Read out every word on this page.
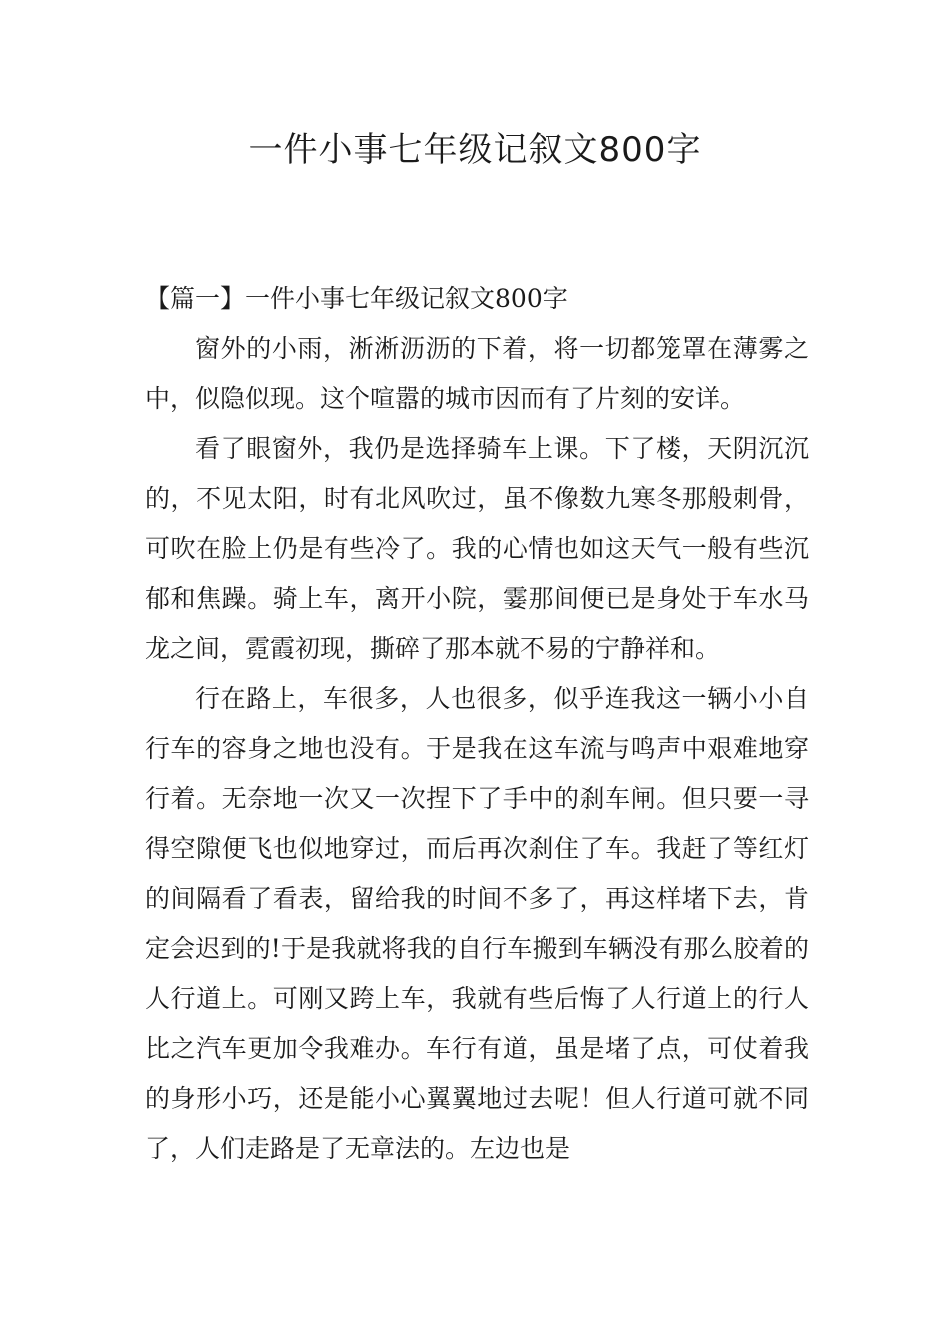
一件小事七年级记叙文800字

【篇一】一件小事七年级记叙文800字

窗外的小雨，淅淅沥沥的下着，将一切都笼罩在薄雾之中，似隐似现。这个喧嚣的城市因而有了片刻的安详。

看了眼窗外，我仍是选择骑车上课。下了楼，天阴沉沉的，不见太阳，时有北风吹过，虽不像数九寒冬那般刺骨，可吹在脸上仍是有些冷了。我的心情也如这天气一般有些沉郁和焦躁。骑上车，离开小院，霎那间便已是身处于车水马龙之间，霓霞初现，撕碎了那本就不易的宁静祥和。

行在路上，车很多，人也很多，似乎连我这一辆小小自行车的容身之地也没有。于是我在这车流与鸣声中艰难地穿行着。无奈地一次又一次捏下了手中的刹车闸。但只要一寻得空隙便飞也似地穿过，而后再次刹住了车。我赶了等红灯的间隔看了看表，留给我的时间不多了，再这样堵下去，肯定会迟到的!于是我就将我的自行车搬到车辆没有那么胶着的人行道上。可刚又跨上车，我就有些后悔了人行道上的行人比之汽车更加令我难办。车行有道，虽是堵了点，可仗着我的身形小巧，还是能小心翼翼地过去呢！但人行道可就不同了，人们走路是了无章法的。左边也是
